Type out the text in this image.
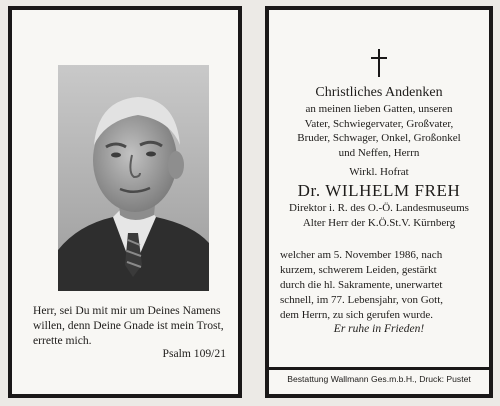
Herr, sei Du mit mir um Deines Namens
willen, denn Deine Gnade ist mein Trost,
errette mich.
Psalm 109/21
Christliches Andenken
an meinen lieben Gatten, unseren
Vater, Schwiegervater, Großvater,
Bruder, Schwager, Onkel, Großonkel
und Neffen, Herrn
Wirkl. Hofrat
Dr. WILHELM FREH
Direktor i. R. des O.-Ö. Landesmuseums
Alter Herr der K.Ö.St.V. Kürnberg
welcher am 5. November 1986, nach
kurzem, schwerem Leiden, gestärkt
durch die hl. Sakramente, unerwartet
schnell, im 77. Lebensjahr, von Gott,
dem Herrn, zu sich gerufen wurde.
Er ruhe in Frieden!
Bestattung Wallmann Ges.m.b.H., Druck: Pustet
